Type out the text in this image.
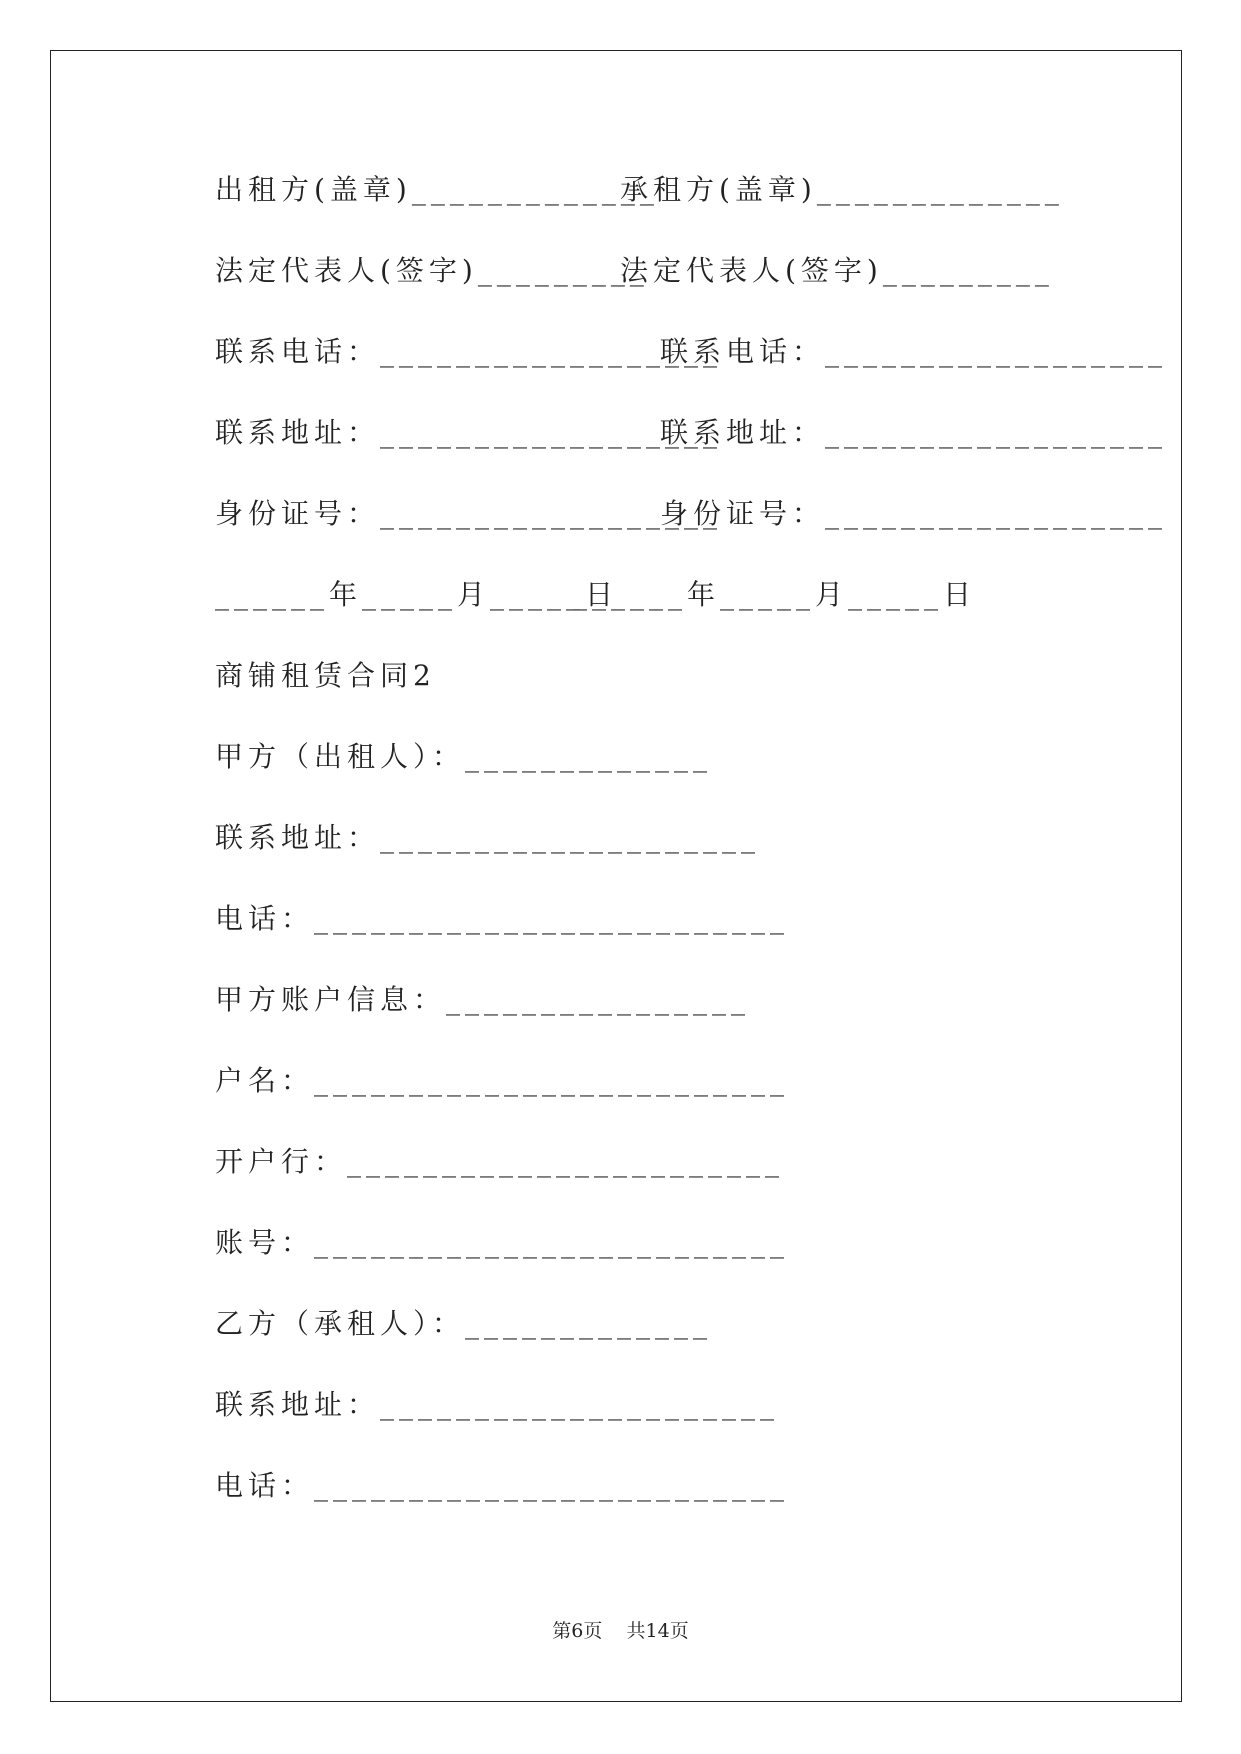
出租方(盖章)_____________

承租方(盖章)_____________

法定代表人(签字)_________

法定代表人(签字)_________

联系电话：__________________

联系电话：__________________

联系地址：__________________

联系地址：__________________

身份证号：__________________

身份证号：__________________

______年_____月_____日

______年_____月_____日

商铺租赁合同2
甲方（出租人）：_____________
联系地址：____________________
电话：_________________________
甲方账户信息：________________
户名：_________________________
开户行：_______________________
账号：_________________________
乙方（承租人）：_____________
联系地址：_____________________
电话：_________________________
第6页    共14页
